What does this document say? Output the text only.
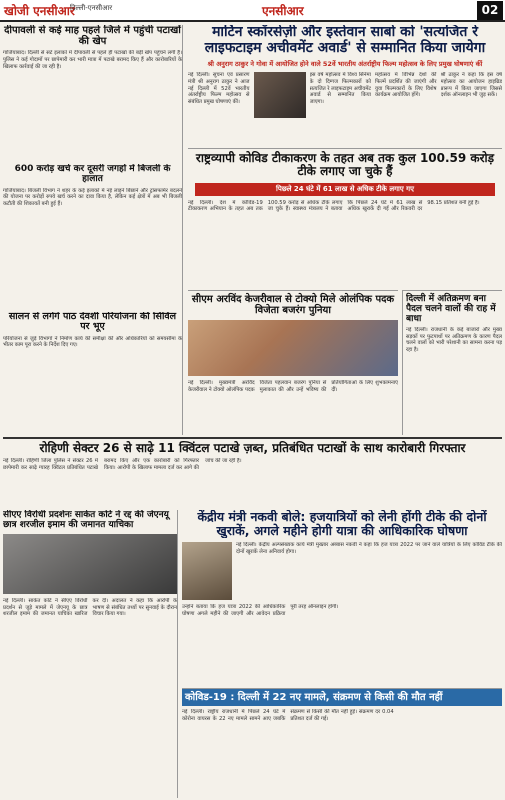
खोजी एनसीआर
दिल्ली-एनसीआर	एनसीआर	02
दीपावली से कई माह पहले जिले में पहुंची पटाखों की खेप
गाजियाबाद। दिल्ली से सटे इलाकों में दीपावली से पहले ही पटाखों की बड़ी खेप पहुंचने लगी है। पुलिस ने कई गोदामों पर छापेमारी कर भारी मात्रा में पटाखे बरामद किए हैं और कारोबारियों के खिलाफ कार्रवाई की जा रही है।
600 करोड़ खर्च कर दूसरी जगहों में बिजली के हालात
गाजियाबाद। बिजली विभाग ने शहर के कई इलाकों में नई लाइनें बिछाने और ट्रांसफार्मर बदलने की योजना पर करोड़ों रुपये खर्च करने का दावा किया है, लेकिन कई क्षेत्रों में अब भी बिजली कटौती की शिकायतें बनी हुई हैं।
सालन से लगेगे पाठ देवशी परियोजना की सिविल पर भूए
परियोजना से जुड़े विभागों ने निर्माण कार्य की समीक्षा की और अधिकारियों को समयसीमा के भीतर काम पूरा करने के निर्देश दिए गए।
मार्टिन स्कॉरसेज़ी और इस्तेवान साबो को 'सत्यजित रे लाइफटाइम अचीवमेंट अवार्ड' से सम्मानित किया जायेगा
श्री अनुराग ठाकुर ने गोवा में आयोजित होने वाले 52वें भारतीय अंतर्राष्ट्रीय फिल्म महोत्सव के लिए प्रमुख घोषणाएं कीं
नई दिल्ली। सूचना एवं प्रसारण मंत्री श्री अनुराग ठाकुर ने आज नई दिल्ली में 52वें भारतीय अंतर्राष्ट्रीय फिल्म महोत्सव से संबंधित प्रमुख घोषणाएं कीं।
इस वर्ष महोत्सव में विश्व सिनेमा के दो दिग्गज फिल्मकारों को सत्यजित रे लाइफटाइम अचीवमेंट अवार्ड से सम्मानित किया जाएगा।
महोत्सव में विभिन्न देशों की फिल्में प्रदर्शित की जाएंगी और युवा फिल्मकारों के लिए विशेष कार्यक्रम आयोजित होंगे।
श्री ठाकुर ने कहा कि इस वर्ष महोत्सव का आयोजन हाइब्रिड प्रारूप में किया जाएगा जिससे दर्शक ऑनलाइन भी जुड़ सकें।
राष्ट्रव्यापी कोविड टीकाकरण के तहत अब तक कुल 100.59 करोड़ टीके लगाए जा चुके हैं
पिछले 24 घंटे में 61 लाख से अधिक टीके लगाए गए
नई दिल्ली। देश में कोविड-19 टीकाकरण अभियान के तहत अब तक 100.59 करोड़ से अधिक टीके लगाए जा चुके हैं। स्वास्थ्य मंत्रालय ने बताया कि पिछले 24 घंटे में 61 लाख से अधिक खुराकें दी गईं और रिकवरी दर 98.15 प्रतिशत बनी हुई है।
सीएम अरविंद केजरीवाल से टोक्यो मिले ओलंपिक पदक विजेता बजरंग पुनिया
नई दिल्ली। मुख्यमंत्री अरविंद केजरीवाल ने टोक्यो ओलंपिक पदक विजेता पहलवान बजरंग पुनिया से मुलाकात की और उन्हें भविष्य की प्रतियोगिताओं के लिए शुभकामनाएं दीं।
दिल्ली में अतिक्रमण बना पैदल चलने वालों की राह में बाधा
नई दिल्ली। राजधानी के कई बाजारों और मुख्य सड़कों पर फुटपाथों पर अतिक्रमण के कारण पैदल चलने वालों को भारी परेशानी का सामना करना पड़ रहा है।
रोहिणी सेक्टर 26 से साढ़े 11 क्विंटल पटाखे ज़ब्त, प्रतिबंधित पटाखों के साथ कारोबारी गिरफ्तार
नई दिल्ली। रोहिणी जिला पुलिस ने सेक्टर 26 में छापेमारी कर साढ़े ग्यारह क्विंटल प्रतिबंधित पटाखे बरामद किए और एक कारोबारी को गिरफ्तार किया। आरोपी के खिलाफ मामला दर्ज कर आगे की जांच की जा रही है।
सीएए विरोधी प्रदर्शनः साकेत कोर्ट ने रद्द की जेएनयू छात्र शरजील इमाम की जमानत याचिका
नई दिल्ली। साकेत कोर्ट ने सीएए विरोधी प्रदर्शन से जुड़े मामले में जेएनयू के छात्र शरजील इमाम की जमानत याचिका खारिज कर दी। अदालत ने कहा कि आरोपी के भाषण से संबंधित तथ्यों पर सुनवाई के दौरान विचार किया गया।
केंद्रीय मंत्री नकवी बोले: हजयात्रियों को लेनी होंगी टीके की दोनों खुराकें, अगले महीने होगी यात्रा की आधिकारिक घोषणा
नई दिल्ली। केंद्रीय अल्पसंख्यक कार्य मंत्री मुख्तार अब्बास नकवी ने कहा कि हज यात्रा 2022 पर जाने वाले यात्रियों के लिए कोविड टीके की दोनों खुराकें लेना अनिवार्य होगा।
उन्होंने बताया कि हज यात्रा 2022 की आधिकारिक घोषणा अगले महीने की जाएगी और आवेदन प्रक्रिया पूरी तरह ऑनलाइन होगी।
कोविड-19 : दिल्ली में 22 नए मामले, संक्रमण से किसी की मौत नहीं
नई दिल्ली। राष्ट्रीय राजधानी में पिछले 24 घंटे में कोरोना वायरस के 22 नए मामले सामने आए जबकि संक्रमण से किसी की मौत नहीं हुई। संक्रमण दर 0.04 प्रतिशत दर्ज की गई।
